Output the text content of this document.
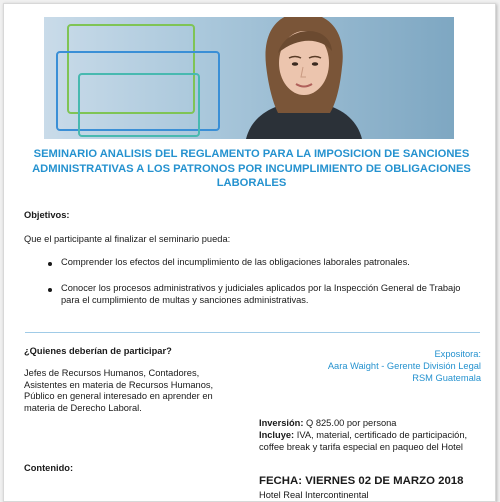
SEMINARIO ANALISIS DEL REGLAMENTO PARA LA IMPOSICION DE SANCIONES ADMINISTRATIVAS A LOS PATRONOS POR INCUMPLIMIENTO DE OBLIGACIONES LABORALES
Objetivos:
Que el participante al finalizar el seminario pueda:
Comprender los efectos del incumplimiento de las obligaciones laborales patronales.
Conocer los procesos administrativos y judiciales aplicados por la Inspección General de Trabajo para el cumplimiento de multas y sanciones administrativas.
¿Quienes deberían de participar?
Jefes de Recursos Humanos, Contadores, Asistentes en materia de Recursos Humanos, Público en general interesado en aprender en materia de Derecho Laboral.
Expositora:
Aara Waight - Gerente División Legal
RSM Guatemala
Inversión: Q 825.00 por persona
Incluye: IVA, material, certificado de participación, coffee break y tarifa especial en paqueo del Hotel
Contenido:
FECHA: VIERNES 02 DE MARZO 2018
Hotel Real Intercontinental
